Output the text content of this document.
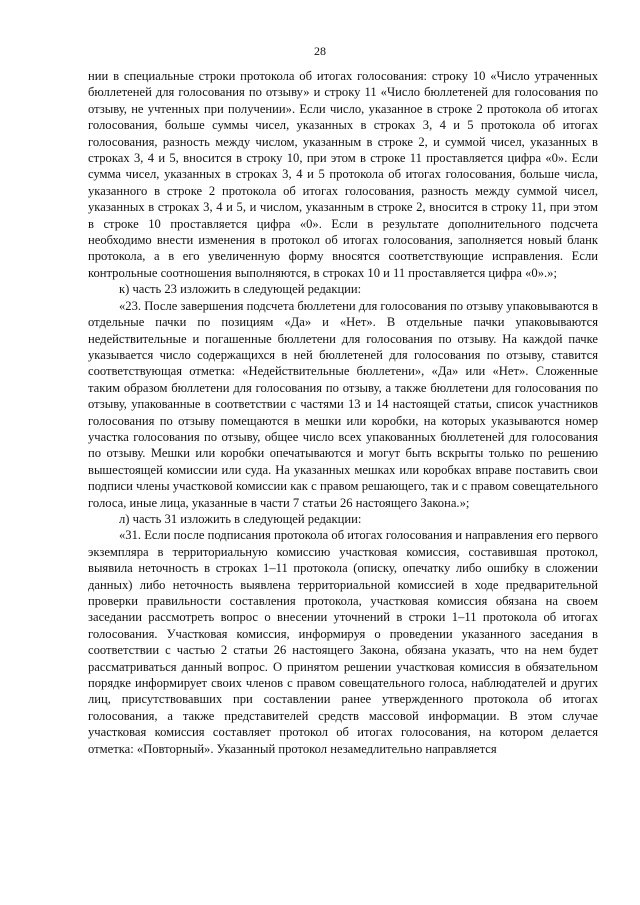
28

нии в специальные строки протокола об итогах голосования: строку 10 «Число утраченных бюллетеней для голосования по отзыву» и строку 11 «Число бюллетеней для голосования по отзыву, не учтенных при получении». Если число, указанное в строке 2 протокола об итогах голосования, больше суммы чисел, указанных в строках 3, 4 и 5 протокола об итогах голосования, разность между числом, указанным в строке 2, и суммой чисел, указанных в строках 3, 4 и 5, вносится в строку 10, при этом в строке 11 проставляется цифра «0». Если сумма чисел, указанных в строках 3, 4 и 5 протокола об итогах голосования, больше числа, указанного в строке 2 протокола об итогах голосования, разность между суммой чисел, указанных в строках 3, 4 и 5, и числом, указанным в строке 2, вносится в строку 11, при этом в строке 10 проставляется цифра «0». Если в результате дополнительного подсчета необходимо внести изменения в протокол об итогах голосования, заполняется новый бланк протокола, а в его увеличенную форму вносятся соответствующие исправления. Если контрольные соотношения выполняются, в строках 10 и 11 проставляется цифра «0».»;

к) часть 23 изложить в следующей редакции:

«23. После завершения подсчета бюллетени для голосования по отзыву упаковываются в отдельные пачки по позициям «Да» и «Нет». В отдельные пачки упаковываются недействительные и погашенные бюллетени для голосования по отзыву. На каждой пачке указывается число содержащихся в ней бюллетеней для голосования по отзыву, ставится соответствующая отметка: «Недействительные бюллетени», «Да» или «Нет». Сложенные таким образом бюллетени для голосования по отзыву, а также бюллетени для голосования по отзыву, упакованные в соответствии с частями 13 и 14 настоящей статьи, список участников голосования по отзыву помещаются в мешки или коробки, на которых указываются номер участка голосования по отзыву, общее число всех упакованных бюллетеней для голосования по отзыву. Мешки или коробки опечатываются и могут быть вскрыты только по решению вышестоящей комиссии или суда. На указанных мешках или коробках вправе поставить свои подписи члены участковой комиссии как с правом решающего, так и с правом совещательного голоса, иные лица, указанные в части 7 статьи 26 настоящего Закона.»;

л) часть 31 изложить в следующей редакции:

«31. Если после подписания протокола об итогах голосования и направления его первого экземпляра в территориальную комиссию участковая комиссия, составившая протокол, выявила неточность в строках 1–11 протокола (описку, опечатку либо ошибку в сложении данных) либо неточность выявлена территориальной комиссией в ходе предварительной проверки правильности составления протокола, участковая комиссия обязана на своем заседании рассмотреть вопрос о внесении уточнений в строки 1–11 протокола об итогах голосования. Участковая комиссия, информируя о проведении указанного заседания в соответствии с частью 2 статьи 26 настоящего Закона, обязана указать, что на нем будет рассматриваться данный вопрос. О принятом решении участковая комиссия в обязательном порядке информирует своих членов с правом совещательного голоса, наблюдателей и других лиц, присутствовавших при составлении ранее утвержденного протокола об итогах голосования, а также представителей средств массовой информации. В этом случае участковая комиссия составляет протокол об итогах голосования, на котором делается отметка: «Повторный». Указанный протокол незамедлительно направляется
